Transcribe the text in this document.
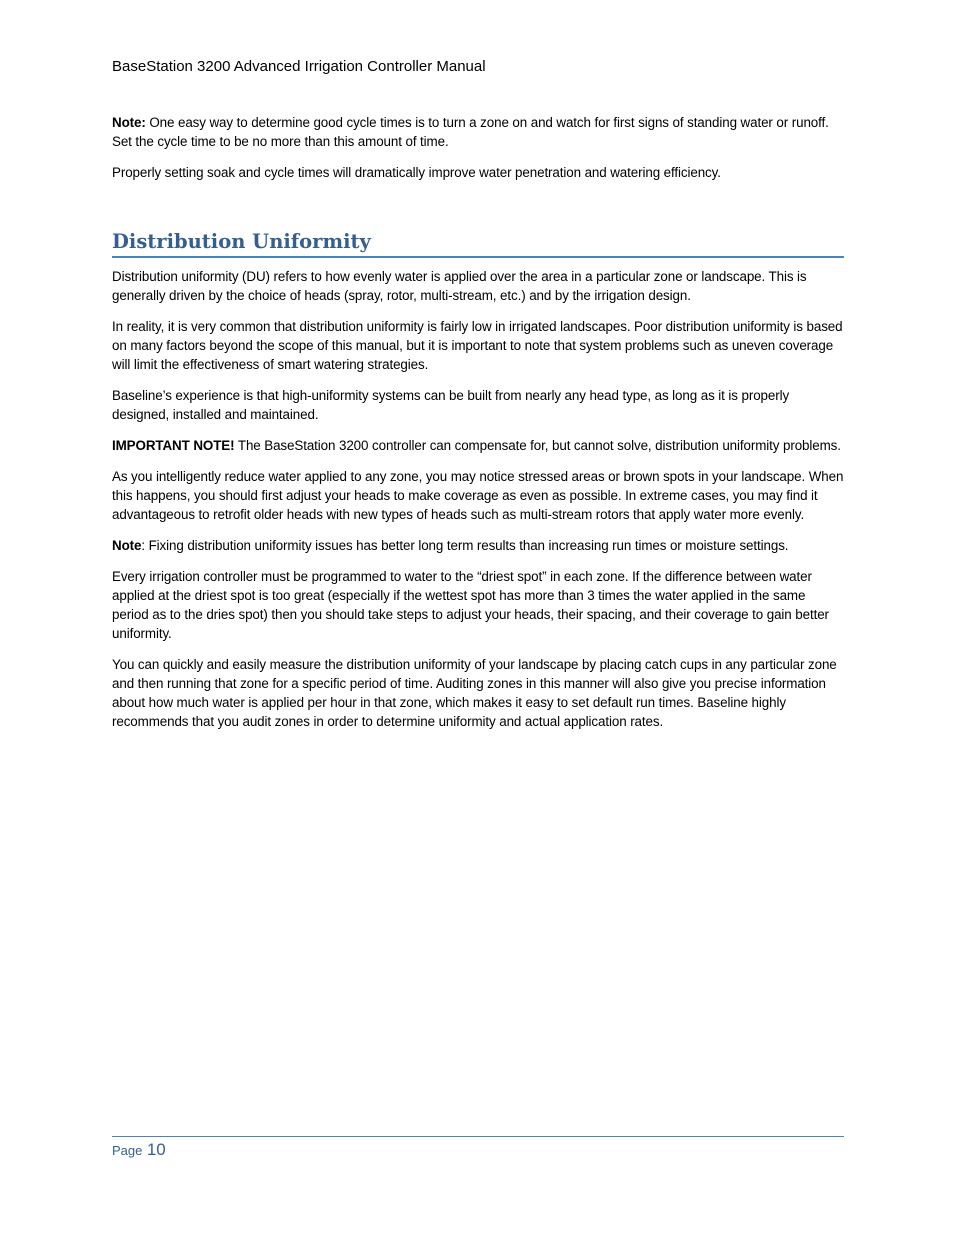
BaseStation 3200 Advanced Irrigation Controller Manual

Note: One easy way to determine good cycle times is to turn a zone on and watch for first signs of standing water or runoff. Set the cycle time to be no more than this amount of time.

Properly setting soak and cycle times will dramatically improve water penetration and watering efficiency.

Distribution Uniformity

Distribution uniformity (DU) refers to how evenly water is applied over the area in a particular zone or landscape. This is generally driven by the choice of heads (spray, rotor, multi-stream, etc.) and by the irrigation design.

In reality, it is very common that distribution uniformity is fairly low in irrigated landscapes. Poor distribution uniformity is based on many factors beyond the scope of this manual, but it is important to note that system problems such as uneven coverage will limit the effectiveness of smart watering strategies.

Baseline’s experience is that high-uniformity systems can be built from nearly any head type, as long as it is properly designed, installed and maintained.

IMPORTANT NOTE! The BaseStation 3200 controller can compensate for, but cannot solve, distribution uniformity problems.

As you intelligently reduce water applied to any zone, you may notice stressed areas or brown spots in your landscape. When this happens, you should first adjust your heads to make coverage as even as possible. In extreme cases, you may find it advantageous to retrofit older heads with new types of heads such as multi-stream rotors that apply water more evenly.

Note: Fixing distribution uniformity issues has better long term results than increasing run times or moisture settings.

Every irrigation controller must be programmed to water to the “driest spot” in each zone. If the difference between water applied at the driest spot is too great (especially if the wettest spot has more than 3 times the water applied in the same period as to the dries spot) then you should take steps to adjust your heads, their spacing, and their coverage to gain better uniformity.

You can quickly and easily measure the distribution uniformity of your landscape by placing catch cups in any particular zone and then running that zone for a specific period of time. Auditing zones in this manner will also give you precise information about how much water is applied per hour in that zone, which makes it easy to set default run times. Baseline highly recommends that you audit zones in order to determine uniformity and actual application rates.

Page 10
